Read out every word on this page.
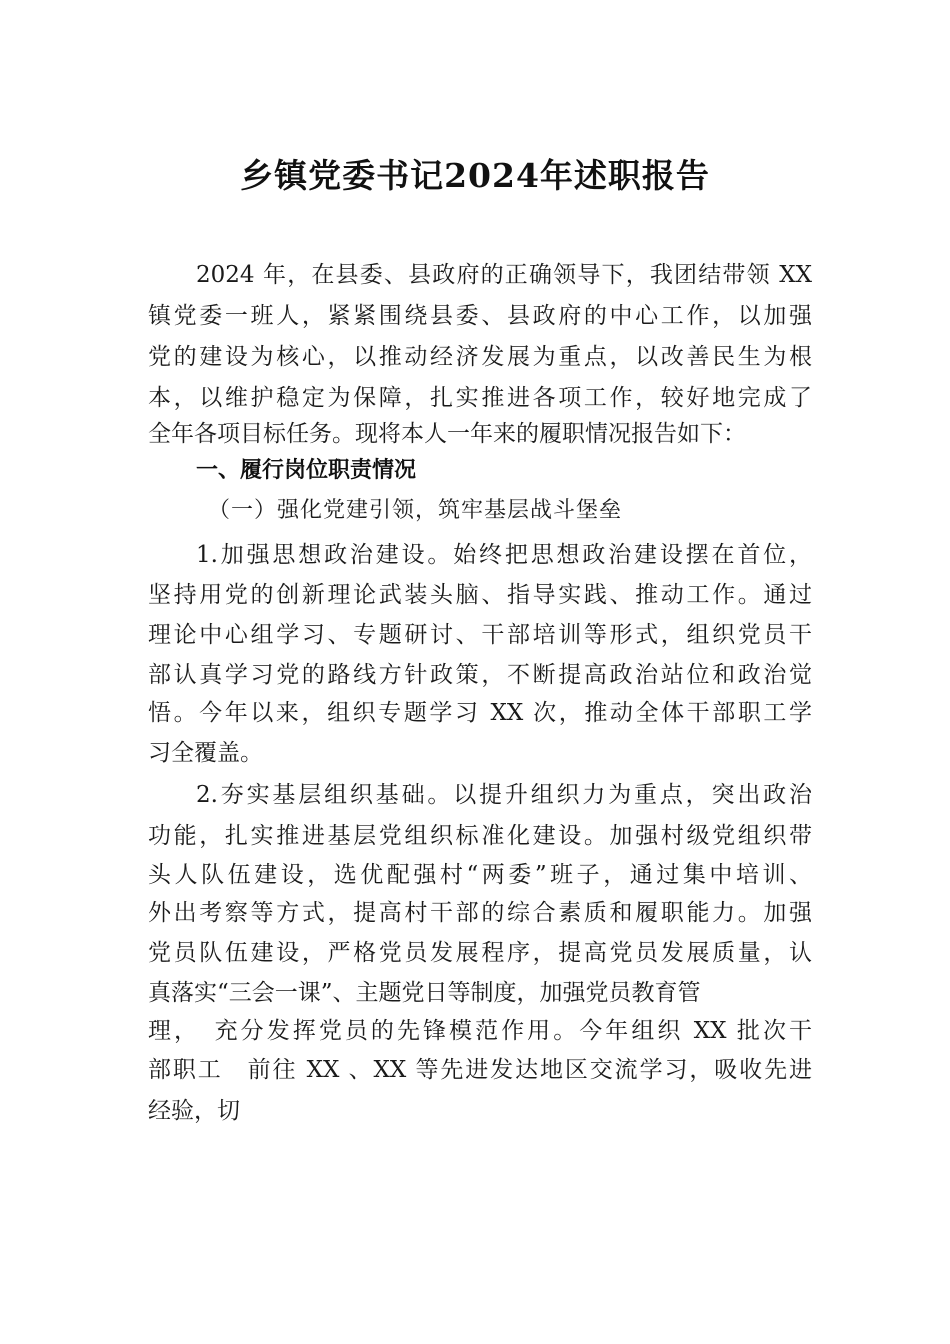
乡镇党委书记2024年述职报告
2024 年，在县委、县政府的正确领导下，我团结带领 XX
镇党委一班人，紧紧围绕县委、县政府的中心工作，以加强
党的建设为核心，以推动经济发展为重点，以改善民生为根
本，以维护稳定为保障，扎实推进各项工作，较好地完成了
全年各项目标任务。现将本人一年来的履职情况报告如下：
一、履行岗位职责情况
（一）强化党建引领，筑牢基层战斗堡垒
1.加强思想政治建设。始终把思想政治建设摆在首位，
坚持用党的创新理论武装头脑、指导实践、推动工作。通过
理论中心组学习、专题研讨、干部培训等形式，组织党员干
部认真学习党的路线方针政策，不断提高政治站位和政治觉
悟。今年以来，组织专题学习 XX 次，推动全体干部职工学
习全覆盖。
2.夯实基层组织基础。以提升组织力为重点，突出政治
功能，扎实推进基层党组织标准化建设。加强村级党组织带
头人队伍建设，选优配强村“两委”班子，通过集中培训、
外出考察等方式，提高村干部的综合素质和履职能力。加强
党员队伍建设，严格党员发展程序，提高党员发展质量，认
真落实“三会一课”、主题党日等制度，加强党员教育管
理，　充分发挥党员的先锋模范作用。今年组织 XX 批次干
部职工　前往 XX 、XX 等先进发达地区交流学习，吸收先进
经验，切
